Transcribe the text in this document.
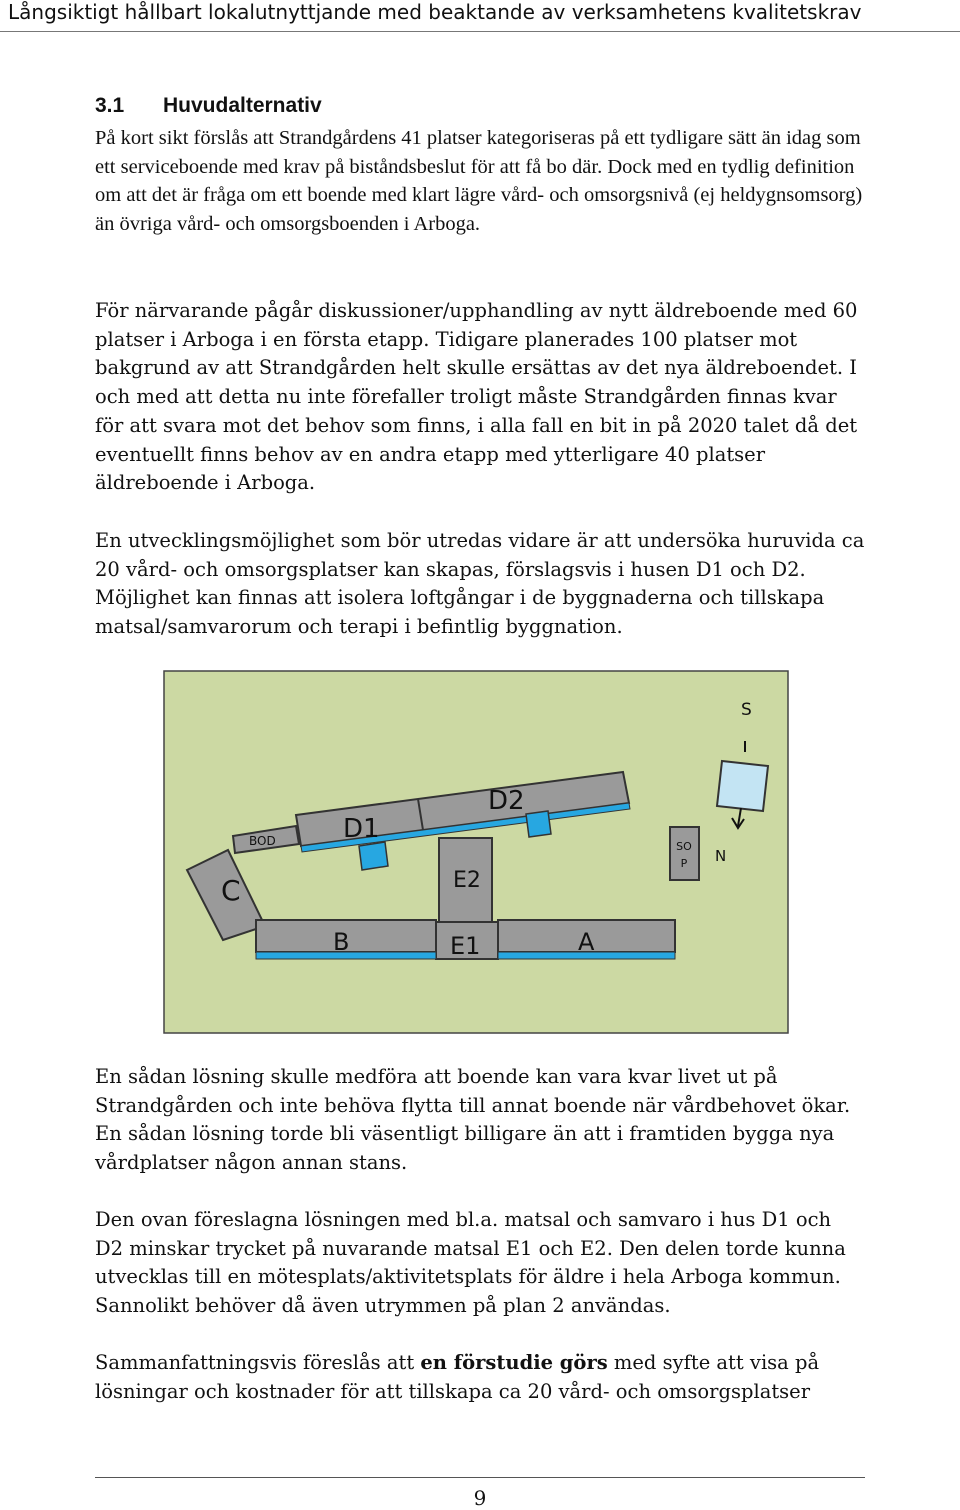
Långsiktigt hållbart lokalutnyttjande med beaktande av verksamhetens kvalitetskrav
3.1 Huvudalternativ
På kort sikt förslås att Strandgårdens 41 platser kategoriseras på ett tydligare sätt än idag som ett serviceboende med krav på biståndsbeslut för att få bo där. Dock med en tydlig definition om att det är fråga om ett boende med klart lägre vård- och omsorgsnivå (ej heldygnsomsorg) än övriga vård- och omsorgsboenden i Arboga.
För närvarande pågår diskussioner/upphandling av nytt äldreboende med 60 platser i Arboga i en första etapp. Tidigare planerades 100 platser mot bakgrund av att Strandgården helt skulle ersättas av det nya äldreboendet. I och med att detta nu inte förefaller troligt måste Strandgården finnas kvar för att svara mot det behov som finns, i alla fall en bit in på 2020 talet då det eventuellt finns behov av en andra etapp med ytterligare 40 platser äldreboende i Arboga.
En utvecklingsmöjlighet som bör utredas vidare är att undersöka huruvida ca 20 vård- och omsorgsplatser kan skapas, förslagsvis i husen D1 och D2. Möjlighet kan finnas att isolera loftgångar i de byggnaderna och tillskapa matsal/samvarorum och terapi i befintlig byggnation.
C
BOD
E2
D1
D2
B	E1	A
SO
P
S
N
En sådan lösning skulle medföra att boende kan vara kvar livet ut på Strandgården och inte behöva flytta till annat boende när vårdbehovet ökar. En sådan lösning torde bli väsentligt billigare än att i framtiden bygga nya vårdplatser någon annan stans.
Den ovan föreslagna lösningen med bl.a. matsal och samvaro i hus D1 och D2 minskar trycket på nuvarande matsal E1 och E2. Den delen torde kunna utvecklas till en mötesplats/aktivitetsplats för äldre i hela Arboga kommun. Sannolikt behöver då även utrymmen på plan 2 användas.
Sammanfattningsvis föreslås att en förstudie görs med syfte att visa på lösningar och kostnader för att tillskapa ca 20 vård- och omsorgsplatser
9
